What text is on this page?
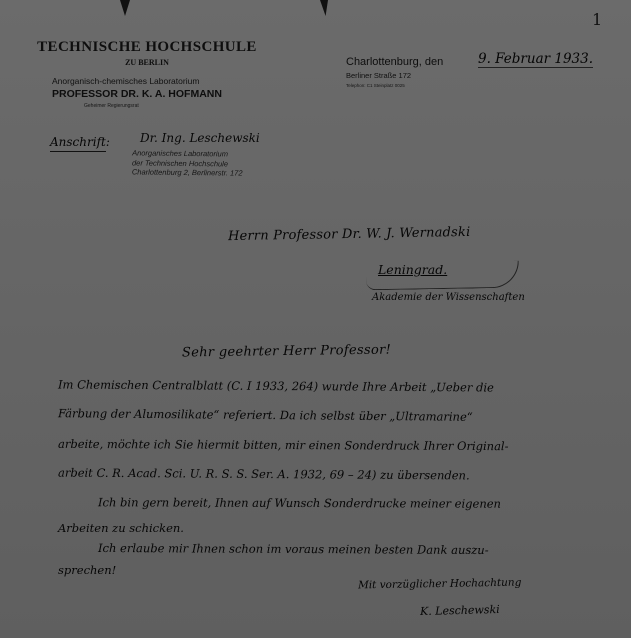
1
TECHNISCHE HOCHSCHULE
ZU BERLIN
Anorganisch-chemisches Laboratorium
PROFESSOR DR. K. A. HOFMANN
Geheimer Regierungsrat
Charlottenburg, den	9. Februar 1933.
Berliner Straße 172
Telephon: C1 Steinplatz 0025
Anschrift:	Dr. Ing. Leschewski
Anorganisches Laboratorium
der Technischen Hochschule
Charlottenburg 2, Berlinerstr. 172
Herrn Professor Dr. W. J. Wernadski
Leningrad.
Akademie der Wissenschaften
Sehr geehrter Herr Professor!
Im Chemischen Centralblatt (C. I 1933, 264) wurde Ihre Arbeit „Ueber die
Färbung der Alumosilikate“ referiert. Da ich selbst über „Ultramarine“
arbeite, möchte ich Sie hiermit bitten, mir einen Sonderdruck Ihrer Original-
arbeit C. R. Acad. Sci. U. R. S. S. Ser. A. 1932, 69 – 24) zu übersenden.
Ich bin gern bereit, Ihnen auf Wunsch Sonderdrucke meiner eigenen
Arbeiten zu schicken.
Ich erlaube mir Ihnen schon im voraus meinen besten Dank auszu-
sprechen!
Mit vorzüglicher Hochachtung
K. Leschewski
